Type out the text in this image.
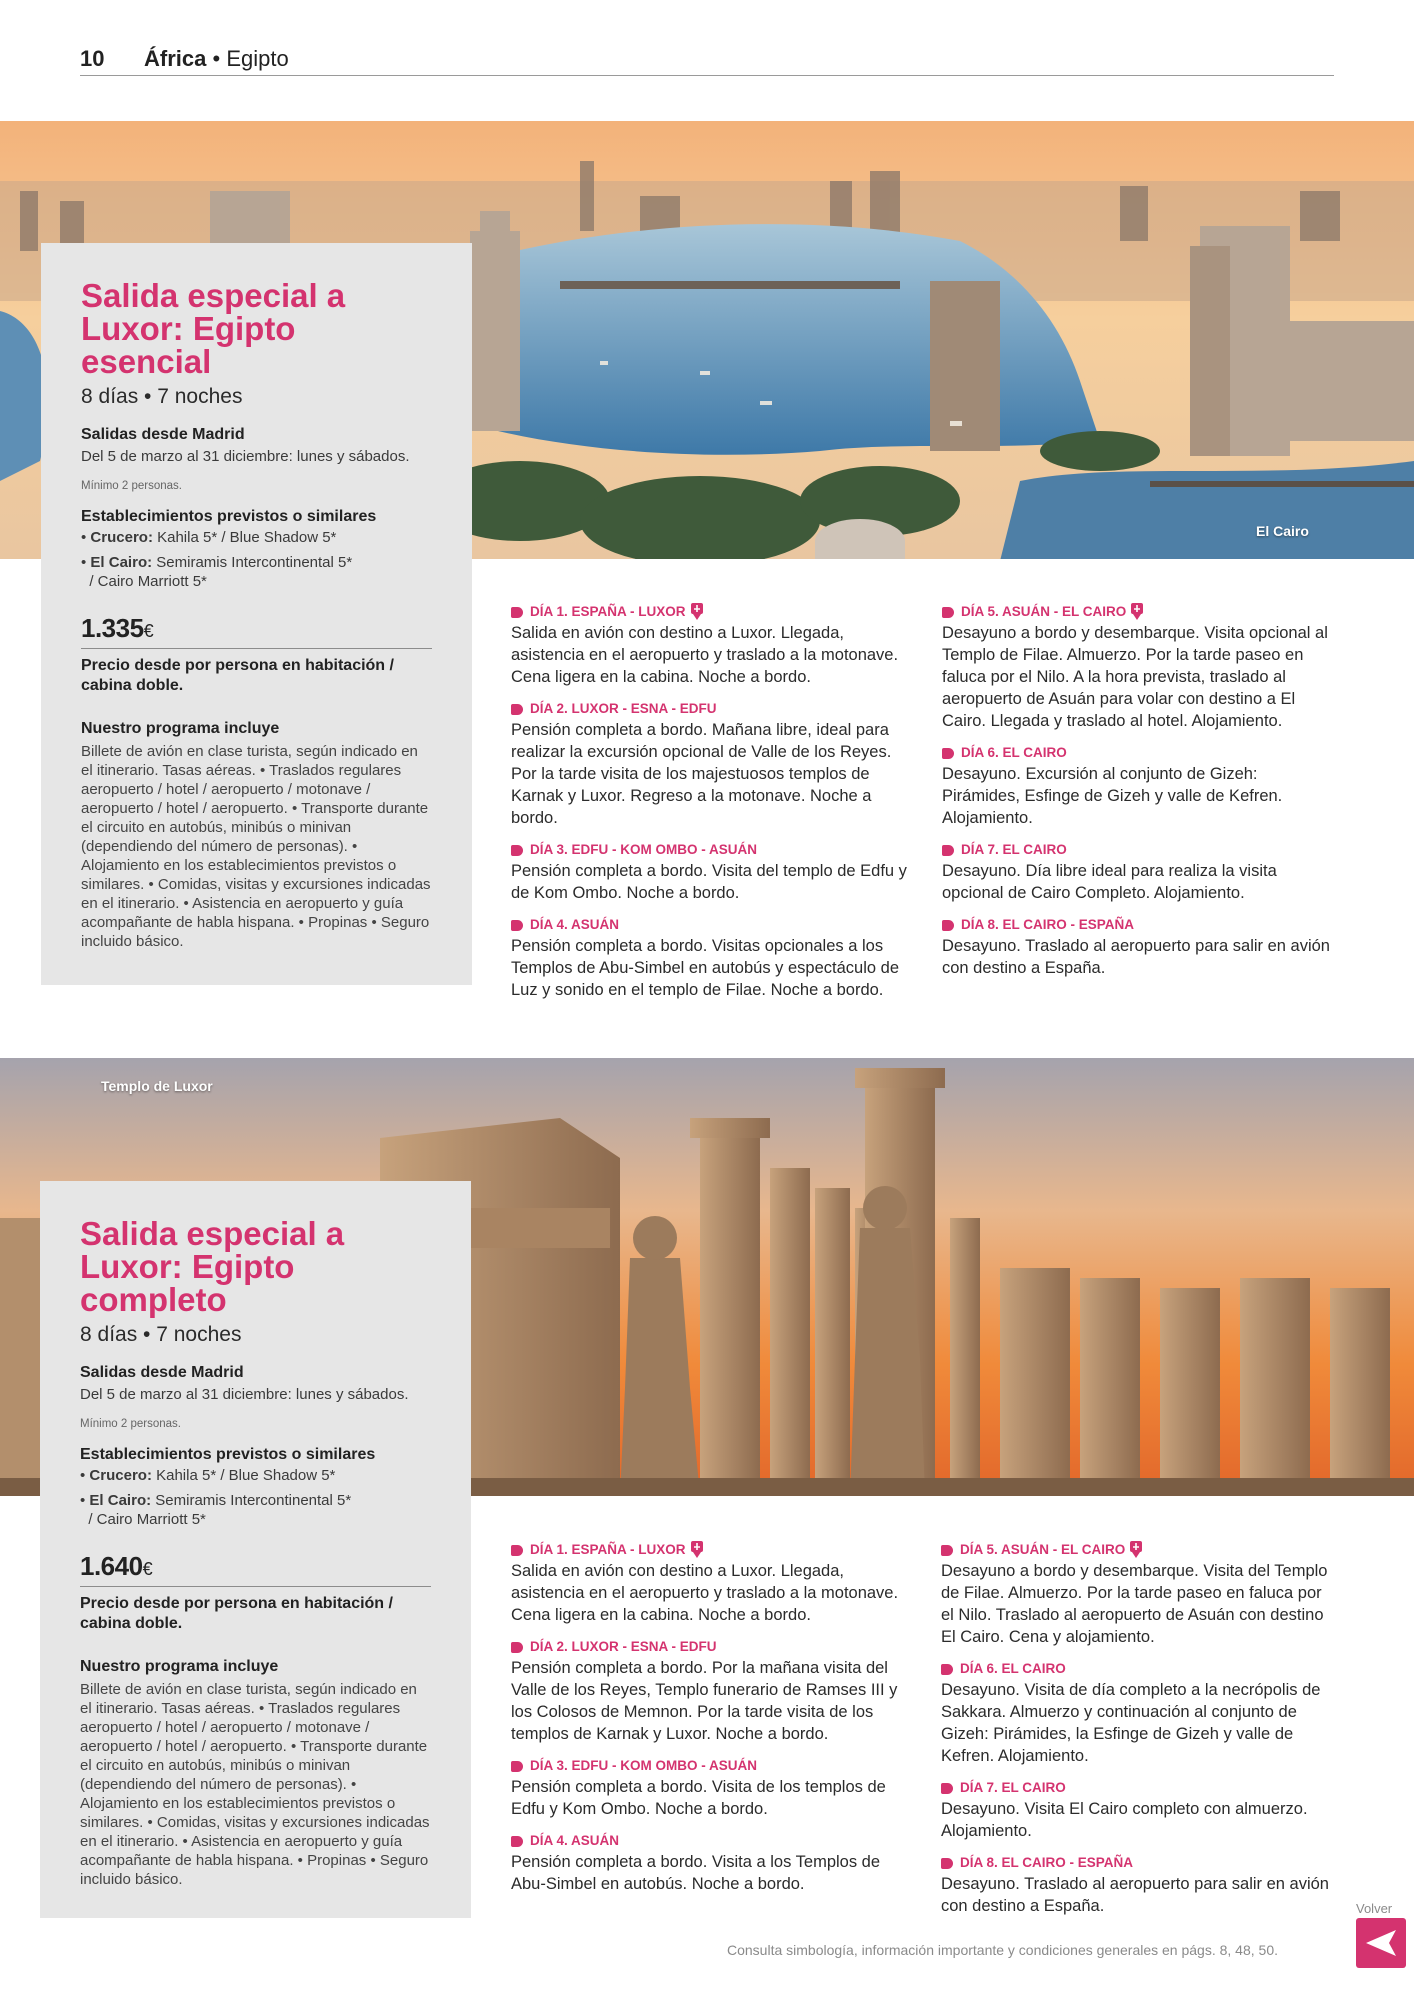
10 África • Egipto
El Cairo
Salida especial a
Luxor: Egipto esencial
8 días • 7 noches
Salidas desde Madrid
Del 5 de marzo al 31 diciembre: lunes y sábados.
Mínimo 2 personas.
Establecimientos previstos o similares
• Crucero: Kahila 5* / Blue Shadow 5*
• El Cairo: Semiramis Intercontinental 5*
/ Cairo Marriott 5*
1.335€
Precio desde por persona en habitación / cabina doble.
Nuestro programa incluye
Billete de avión en clase turista, según indicado en el itinerario. Tasas aéreas. • Traslados regulares aeropuerto / hotel / aeropuerto / motonave / aeropuerto / hotel / aeropuerto. • Transporte durante el circuito en autobús, minibús o minivan (dependiendo del número de personas). • Alojamiento en los establecimientos previstos o similares. • Comidas, visitas y excursiones indicadas en el itinerario. • Asistencia en aeropuerto y guía acompañante de habla hispana. • Propinas • Seguro incluido básico.
DÍA 1. ESPAÑA - LUXOR
Salida en avión con destino a Luxor. Llegada, asistencia en el aeropuerto y traslado a la motonave. Cena ligera en la cabina. Noche a bordo.
DÍA 2. LUXOR - ESNA - EDFU
Pensión completa a bordo. Mañana libre, ideal para realizar la excursión opcional de Valle de los Reyes. Por la tarde visita de los majestuosos templos de Karnak y Luxor. Regreso a la motonave. Noche a bordo.
DÍA 3. EDFU - KOM OMBO - ASUÁN
Pensión completa a bordo. Visita del templo de Edfu y de Kom Ombo. Noche a bordo.
DÍA 4. ASUÁN
Pensión completa a bordo. Visitas opcionales a los Templos de Abu-Simbel en autobús y espectáculo de Luz y sonido en el templo de Filae. Noche a bordo.
DÍA 5. ASUÁN - EL CAIRO
Desayuno a bordo y desembarque. Visita opcional al Templo de Filae. Almuerzo. Por la tarde paseo en faluca por el Nilo. A la hora prevista, traslado al aeropuerto de Asuán para volar con destino a El Cairo. Llegada y traslado al hotel. Alojamiento.
DÍA 6. EL CAIRO
Desayuno. Excursión al conjunto de Gizeh: Pirámides, Esfinge de Gizeh y valle de Kefren. Alojamiento.
DÍA 7. EL CAIRO
Desayuno. Día libre ideal para realiza la visita opcional de Cairo Completo. Alojamiento.
DÍA 8. EL CAIRO - ESPAÑA
Desayuno. Traslado al aeropuerto para salir en avión con destino a España.
Templo de Luxor
Salida especial a
Luxor: Egipto completo
8 días • 7 noches
Salidas desde Madrid
Del 5 de marzo al 31 diciembre: lunes y sábados.
Mínimo 2 personas.
Establecimientos previstos o similares
• Crucero: Kahila 5* / Blue Shadow 5*
• El Cairo: Semiramis Intercontinental 5*
/ Cairo Marriott 5*
1.640€
Precio desde por persona en habitación / cabina doble.
Nuestro programa incluye
Billete de avión en clase turista, según indicado en el itinerario. Tasas aéreas. • Traslados regulares aeropuerto / hotel / aeropuerto / motonave / aeropuerto / hotel / aeropuerto. • Transporte durante el circuito en autobús, minibús o minivan (dependiendo del número de personas). • Alojamiento en los establecimientos previstos o similares. • Comidas, visitas y excursiones indicadas en el itinerario. • Asistencia en aeropuerto y guía acompañante de habla hispana. • Propinas • Seguro incluido básico.
DÍA 1. ESPAÑA - LUXOR
Salida en avión con destino a Luxor. Llegada, asistencia en el aeropuerto y traslado a la motonave. Cena ligera en la cabina. Noche a bordo.
DÍA 2. LUXOR - ESNA - EDFU
Pensión completa a bordo. Por la mañana visita del Valle de los Reyes, Templo funerario de Ramses III y los Colosos de Memnon. Por la tarde visita de los templos de Karnak y Luxor. Noche a bordo.
DÍA 3. EDFU - KOM OMBO - ASUÁN
Pensión completa a bordo. Visita de los templos de Edfu y Kom Ombo. Noche a bordo.
DÍA 4. ASUÁN
Pensión completa a bordo. Visita a los Templos de Abu-Simbel en autobús. Noche a bordo.
DÍA 5. ASUÁN - EL CAIRO
Desayuno a bordo y desembarque. Visita del Templo de Filae. Almuerzo. Por la tarde paseo en faluca por el Nilo. Traslado al aeropuerto de Asuán con destino El Cairo. Cena y alojamiento.
DÍA 6. EL CAIRO
Desayuno. Visita de día completo a la necrópolis de Sakkara. Almuerzo y continuación al conjunto de Gizeh: Pirámides, la Esfinge de Gizeh y valle de Kefren. Alojamiento.
DÍA 7. EL CAIRO
Desayuno. Visita El Cairo completo con almuerzo. Alojamiento.
DÍA 8. EL CAIRO - ESPAÑA
Desayuno. Traslado al aeropuerto para salir en avión con destino a España.
Consulta simbología, información importante y condiciones generales en págs. 8, 48, 50.
Volver
